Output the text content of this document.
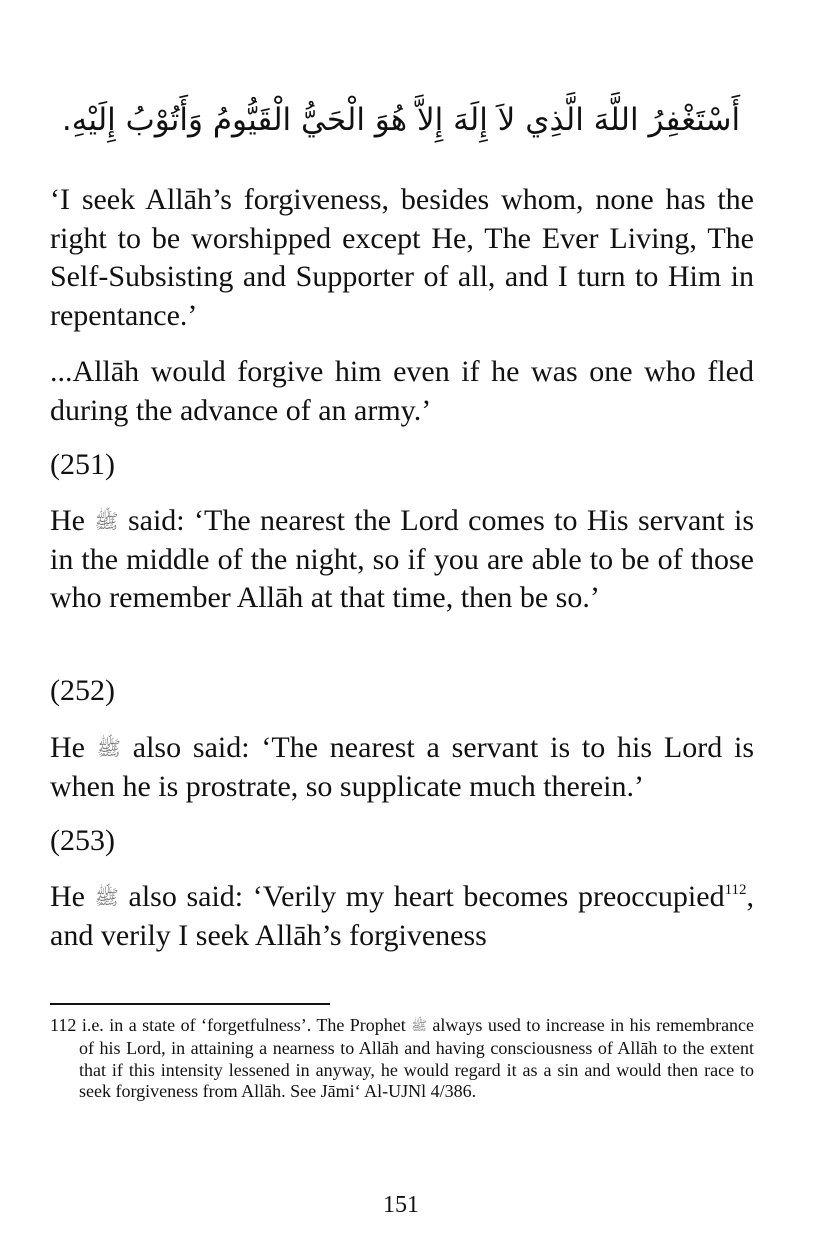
أَسْتَغْفِرُ اللَّهَ الَّذِي لاَ إِلَهَ إِلاَّ هُوَ الْحَيُّ الْقَيُّومُ وَأَتُوْبُ إِلَيْهِ.

‘I seek Allāh’s forgiveness, besides whom, none has the right to be worshipped except He, The Ever Living, The Self-Subsisting and Supporter of all, and I turn to Him in repentance.’

...Allāh would forgive him even if he was one who fled during the advance of an army.’

(251)

He ﷺ said: ‘The nearest the Lord comes to His servant is in the middle of the night, so if you are able to be of those who remember Allāh at that time, then be so.’

(252)

He ﷺ also said: ‘The nearest a servant is to his Lord is when he is prostrate, so supplicate much therein.’

(253)

He ﷺ also said: ‘Verily my heart becomes preoccupied$^{112}$, and verily I seek Allāh’s forgiveness

112 i.e. in a state of ‘forgetfulness’. The Prophet ﷺ always used to increase in his remembrance of his Lord, in attaining a nearness to Allāh and having consciousness of Allāh to the extent that if this intensity lessened in anyway, he would regard it as a sin and would then race to seek forgiveness from Allāh. See Jāmi‘ Al-UJNl 4/386.

151
